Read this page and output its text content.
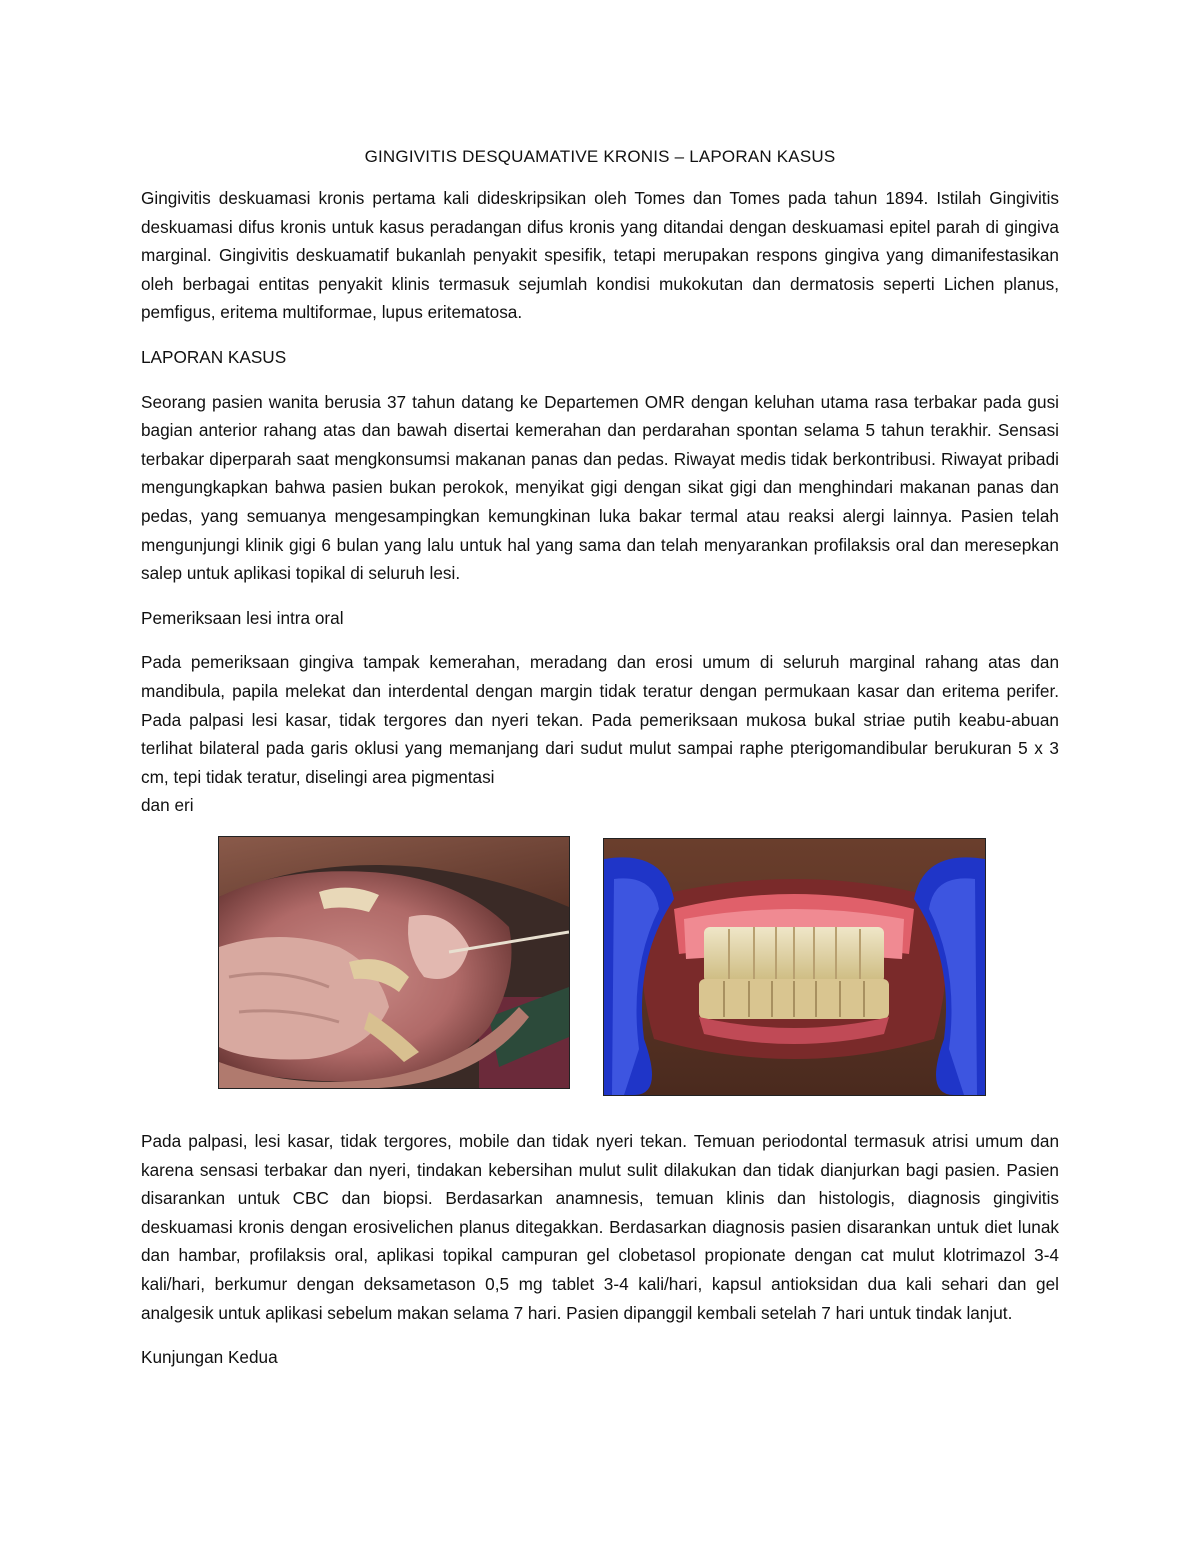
GINGIVITIS DESQUAMATIVE KRONIS – LAPORAN KASUS

Gingivitis deskuamasi kronis pertama kali dideskripsikan oleh Tomes dan Tomes pada tahun 1894. Istilah Gingivitis deskuamasi difus kronis untuk kasus peradangan difus kronis yang ditandai dengan deskuamasi epitel parah di gingiva marginal. Gingivitis deskuamatif bukanlah penyakit spesifik, tetapi merupakan respons gingiva yang dimanifestasikan oleh berbagai entitas penyakit klinis termasuk sejumlah kondisi mukokutan dan dermatosis seperti Lichen planus, pemfigus, eritema multiformae, lupus eritematosa.

LAPORAN KASUS

Seorang pasien wanita berusia 37 tahun datang ke Departemen OMR dengan keluhan utama rasa terbakar pada gusi bagian anterior rahang atas dan bawah disertai kemerahan dan perdarahan spontan selama 5 tahun terakhir. Sensasi terbakar diperparah saat mengkonsumsi makanan panas dan pedas. Riwayat medis tidak berkontribusi. Riwayat pribadi mengungkapkan bahwa pasien bukan perokok, menyikat gigi dengan sikat gigi dan menghindari makanan panas dan pedas, yang semuanya mengesampingkan kemungkinan luka bakar termal atau reaksi alergi lainnya. Pasien telah mengunjungi klinik gigi 6 bulan yang lalu untuk hal yang sama dan telah menyarankan profilaksis oral dan meresepkan salep untuk aplikasi topikal di seluruh lesi.

Pemeriksaan lesi intra oral

Pada pemeriksaan gingiva tampak kemerahan, meradang dan erosi umum di seluruh marginal rahang atas dan mandibula, papila melekat dan interdental dengan margin tidak teratur dengan permukaan kasar dan eritema perifer. Pada palpasi lesi kasar, tidak tergores dan nyeri tekan. Pada pemeriksaan mukosa bukal striae putih keabu-abuan terlihat bilateral pada garis oklusi yang memanjang dari sudut mulut sampai raphe pterigomandibular berukuran 5 x 3 cm, tepi tidak teratur, diselingi area pigmentasi

dan eri

Pada palpasi, lesi kasar, tidak tergores, mobile dan tidak nyeri tekan. Temuan periodontal termasuk atrisi umum dan karena sensasi terbakar dan nyeri, tindakan kebersihan mulut sulit dilakukan dan tidak dianjurkan bagi pasien. Pasien disarankan untuk CBC dan biopsi. Berdasarkan anamnesis, temuan klinis dan histologis, diagnosis gingivitis deskuamasi kronis dengan erosivelichen planus ditegakkan. Berdasarkan diagnosis pasien disarankan untuk diet lunak dan hambar, profilaksis oral, aplikasi topikal campuran gel clobetasol propionate dengan cat mulut klotrimazol 3-4 kali/hari, berkumur dengan deksametason 0,5 mg tablet 3-4 kali/hari, kapsul antioksidan dua kali sehari dan gel analgesik untuk aplikasi sebelum makan selama 7 hari. Pasien dipanggil kembali setelah 7 hari untuk tindak lanjut.

Kunjungan Kedua
